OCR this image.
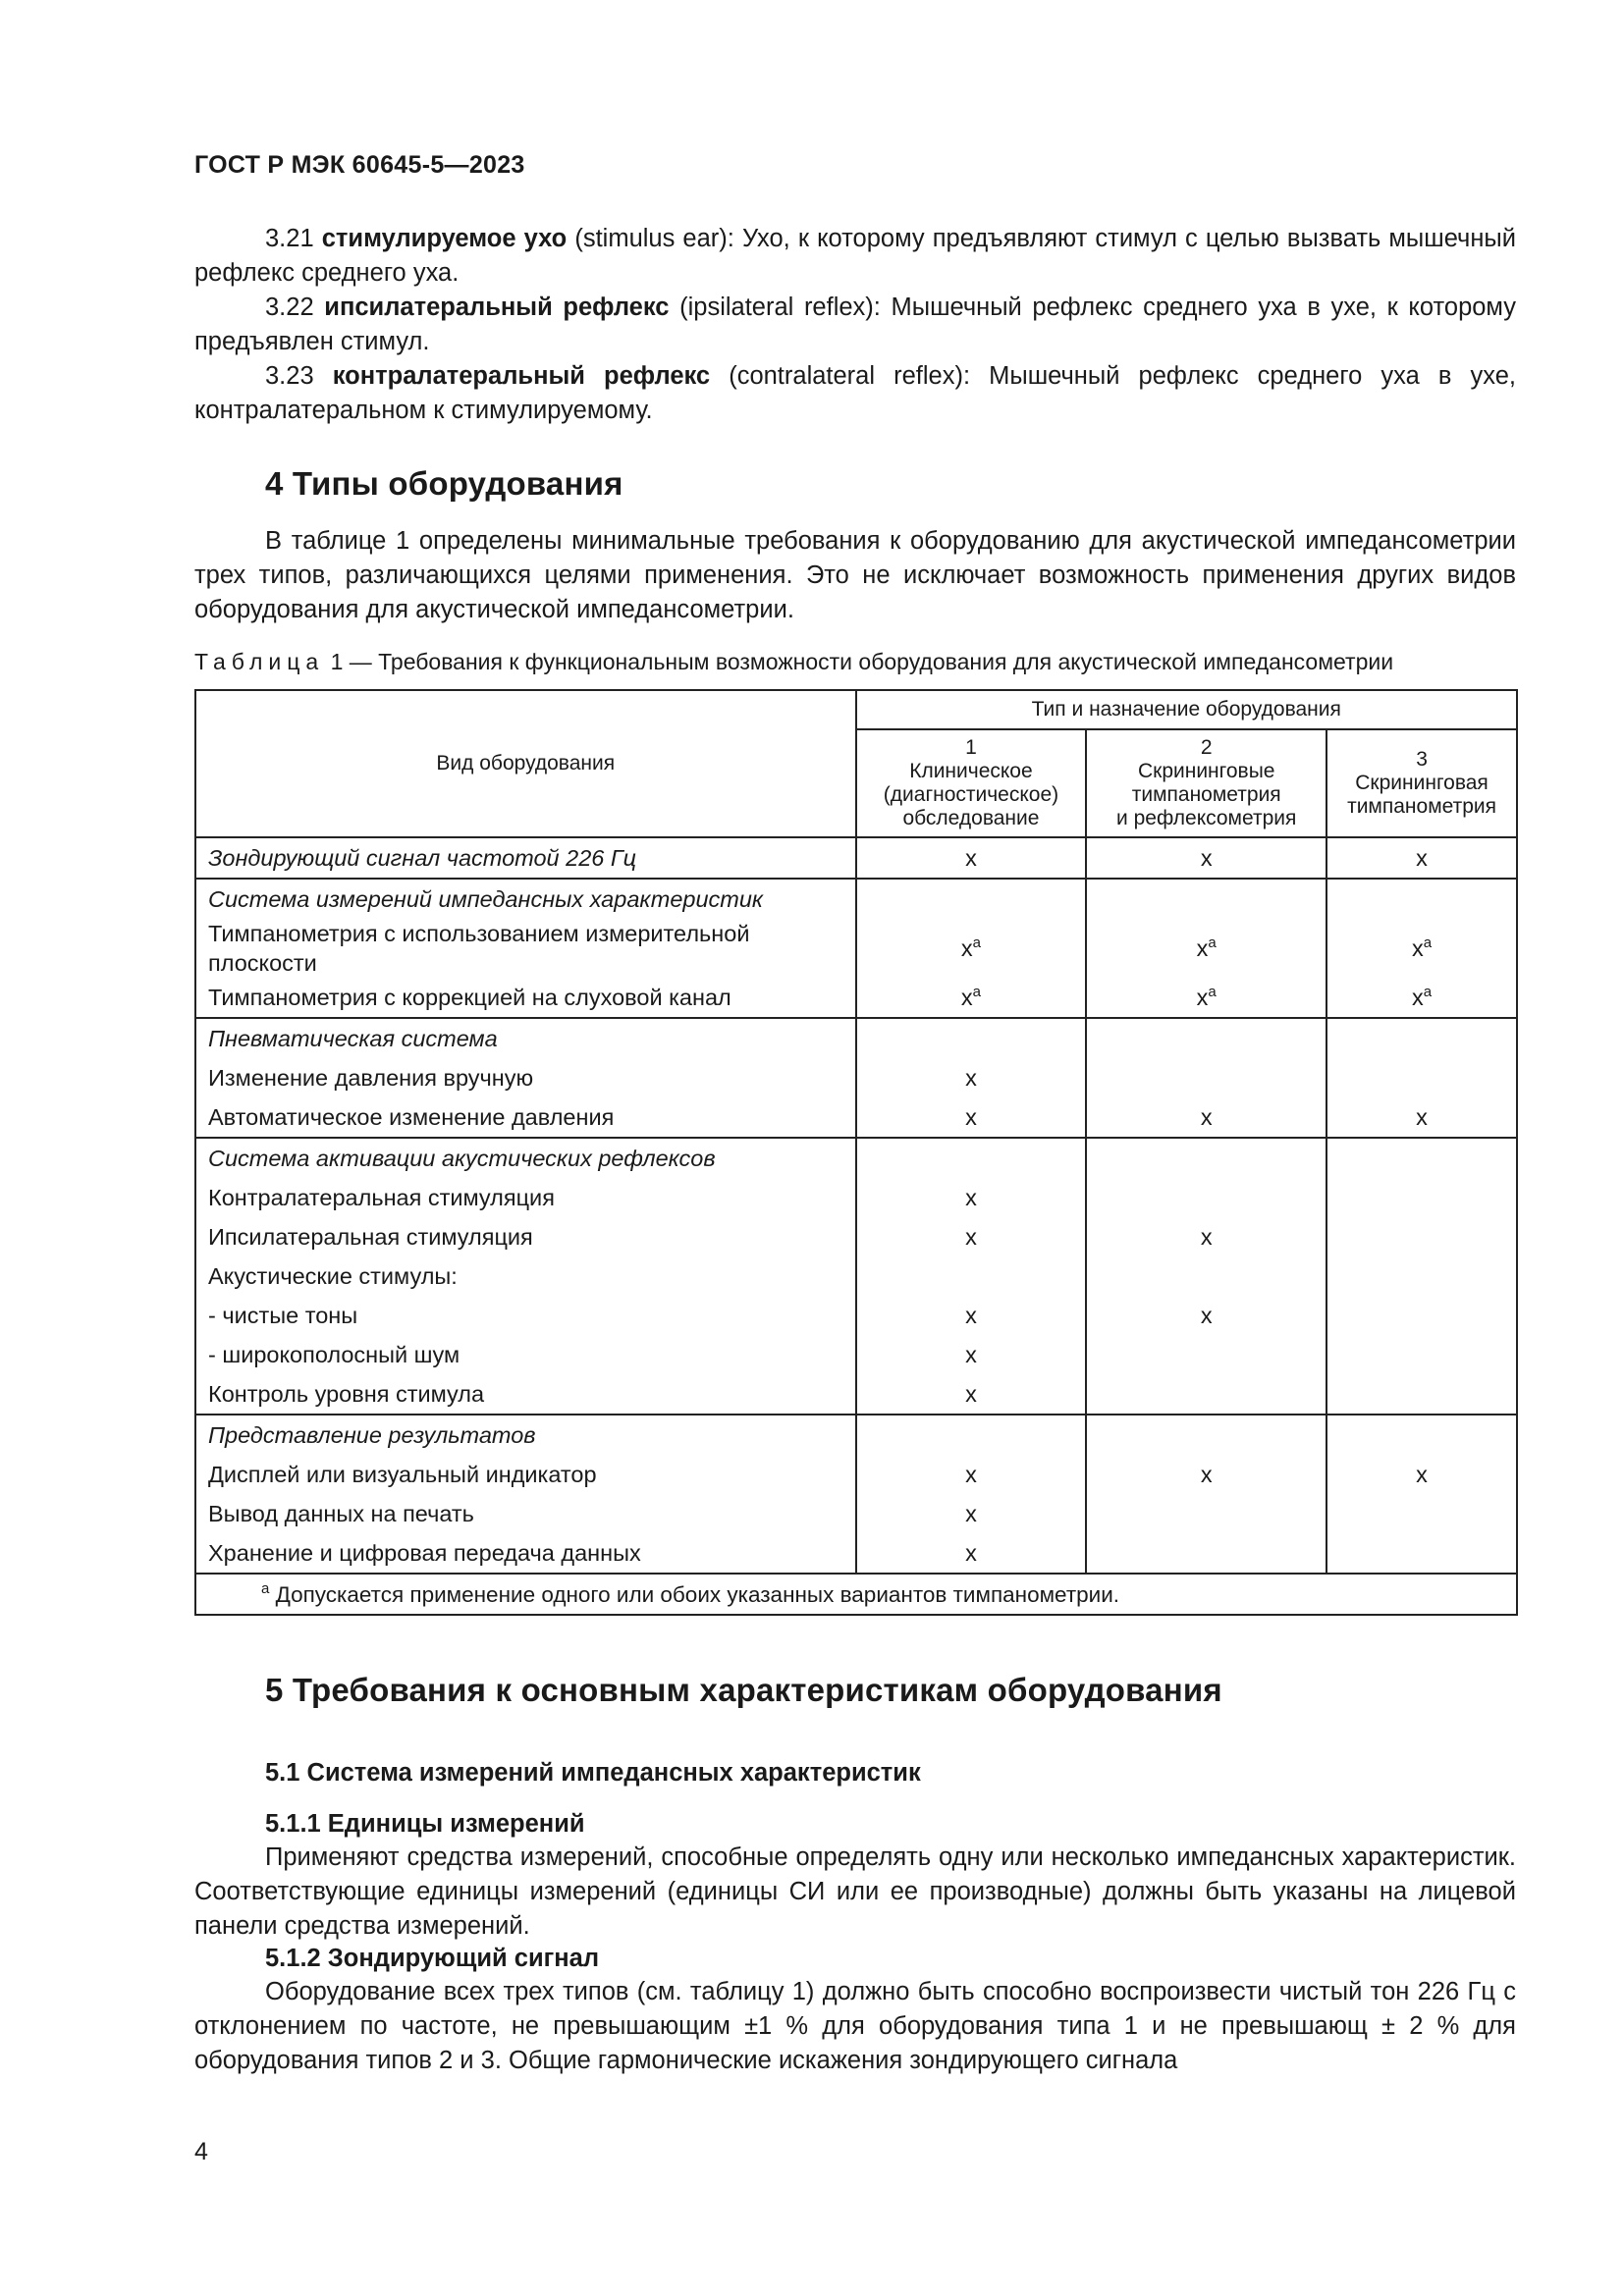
ГОСТ Р МЭК 60645-5—2023

3.21 стимулируемое ухо (stimulus ear): Ухо, к которому предъявляют стимул с целью вызвать мышечный рефлекс среднего уха.

3.22 ипсилатеральный рефлекс (ipsilateral reflex): Мышечный рефлекс среднего уха в ухе, к которому предъявлен стимул.

3.23 контралатеральный рефлекс (contralateral reflex): Мышечный рефлекс среднего уха в ухе, контралатеральном к стимулируемому.

4 Типы оборудования

В таблице 1 определены минимальные требования к оборудованию для акустической импедансометрии трех типов, различающихся целями применения. Это не исключает возможность применения других видов оборудования для акустической импедансометрии.

Таблица 1 — Требования к функциональным возможности оборудования для акустической импедансометрии
Вид оборудования	Тип и назначение оборудования		
	1
Клиническое
(диагностическое)
обследование	2
Скрининговые
тимпанометрия
и рефлексометрия	3
Скрининговая
тимпанометрия

Зондирующий сигнал частотой 226 Гц	x	x	x
Система измерений импедансных характеристик			
Тимпанометрия с использованием измерительной плоскости	$x^a$	$x^a$	$x^a$
Тимпанометрия с коррекцией на слуховой канал	$x^a$	$x^a$	$x^a$
Пневматическая система			
Изменение давления вручную	x		
Автоматическое изменение давления	x	x	x
Система активации акустических рефлексов			
Контралатеральная стимуляция	x		
Ипсилатеральная стимуляция	x	x	
Акустические стимулы:			
- чистые тоны	x	x	
- широкополосный шум	x		
Контроль уровня стимула	x		
Представление результатов			
Дисплей или визуальный индикатор	x	x	x
Вывод данных на печать	x		
Хранение и цифровая передача данных	x		
$^a$ Допускается применение одного или обоих указанных вариантов тимпанометрии.			
5 Требования к основным характеристикам оборудования
5.1 Система измерений импедансных характеристик
5.1.1 Единицы измерений

Применяют средства измерений, способные определять одну или несколько импедансных характеристик. Соответствующие единицы измерений (единицы СИ или ее производные) должны быть указаны на лицевой панели средства измерений.

5.1.2 Зондирующий сигнал

Оборудование всех трех типов (см. таблицу 1) должно быть способно воспроизвести чистый тон 226 Гц с отклонением по частоте, не превышающим ±1 % для оборудования типа 1 и не превышающ ± 2 % для оборудования типов 2 и 3. Общие гармонические искажения зондирующего сигнала

4
